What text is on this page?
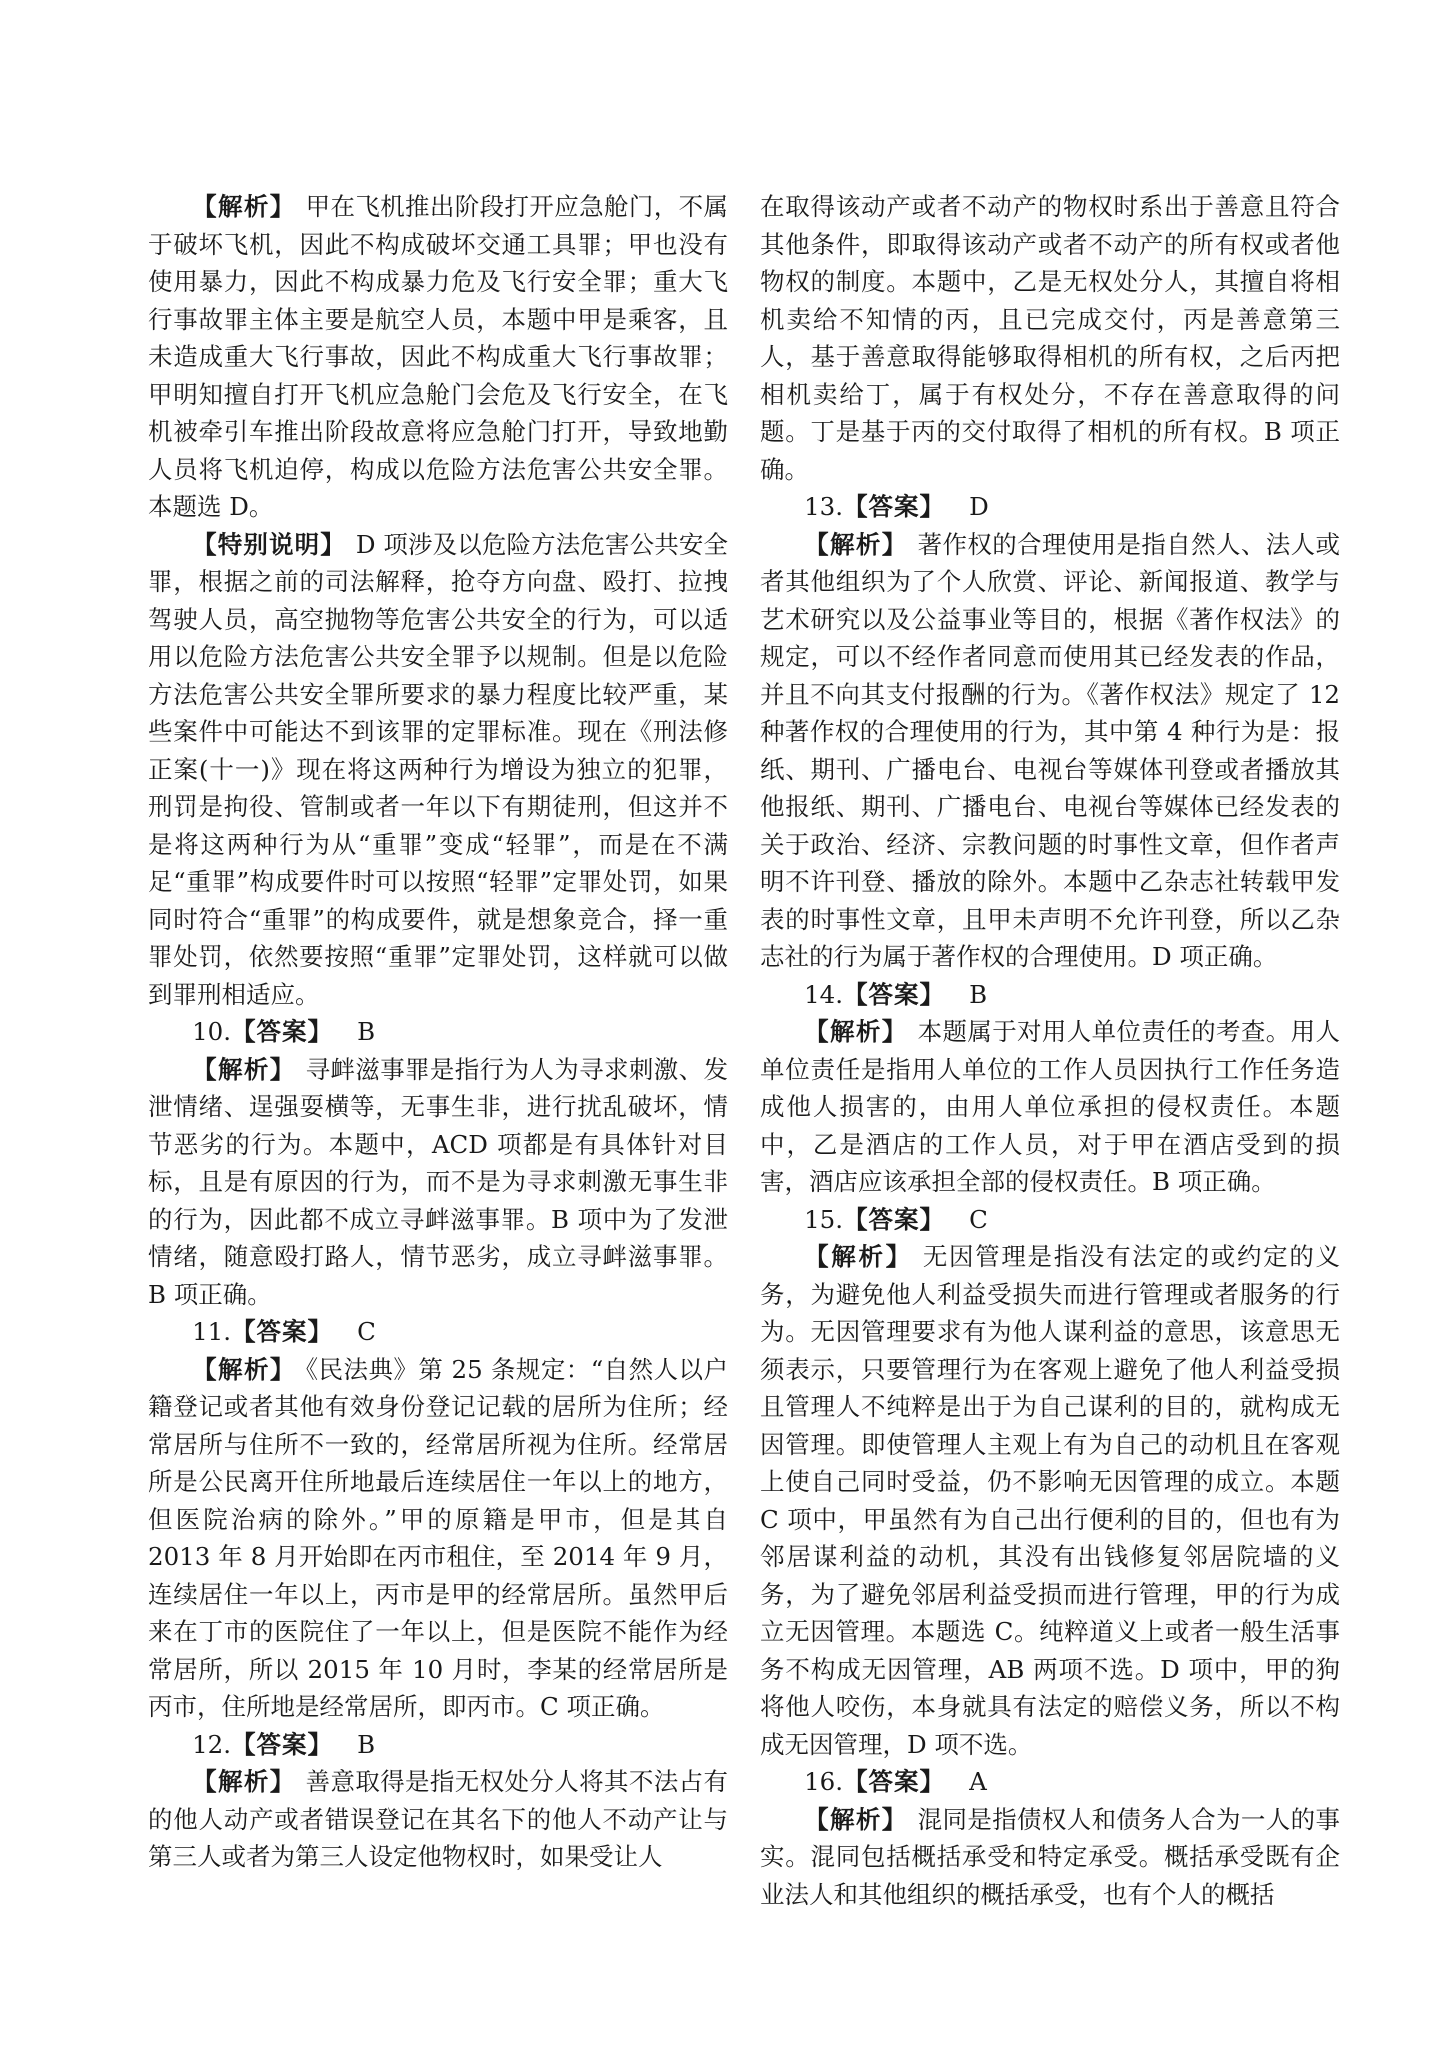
【解析】 甲在飞机推出阶段打开应急舱门，不属于破坏飞机，因此不构成破坏交通工具罪；甲也没有使用暴力，因此不构成暴力危及飞行安全罪；重大飞行事故罪主体主要是航空人员，本题中甲是乘客，且未造成重大飞行事故，因此不构成重大飞行事故罪；甲明知擅自打开飞机应急舱门会危及飞行安全，在飞机被牵引车推出阶段故意将应急舱门打开，导致地勤人员将飞机迫停，构成以危险方法危害公共安全罪。本题选 D。

【特别说明】 D 项涉及以危险方法危害公共安全罪，根据之前的司法解释，抢夺方向盘、殴打、拉拽驾驶人员，高空抛物等危害公共安全的行为，可以适用以危险方法危害公共安全罪予以规制。但是以危险方法危害公共安全罪所要求的暴力程度比较严重，某些案件中可能达不到该罪的定罪标准。现在《刑法修正案(十一)》现在将这两种行为增设为独立的犯罪，刑罚是拘役、管制或者一年以下有期徒刑，但这并不是将这两种行为从“重罪”变成“轻罪”，而是在不满足“重罪”构成要件时可以按照“轻罪”定罪处罚，如果同时符合“重罪”的构成要件，就是想象竞合，择一重罪处罚，依然要按照“重罪”定罪处罚，这样就可以做到罪刑相适应。

10.【答案】 B

【解析】 寻衅滋事罪是指行为人为寻求刺激、发泄情绪、逞强耍横等，无事生非，进行扰乱破坏，情节恶劣的行为。本题中，ACD 项都是有具体针对目标，且是有原因的行为，而不是为寻求刺激无事生非的行为，因此都不成立寻衅滋事罪。B 项中为了发泄情绪，随意殴打路人，情节恶劣，成立寻衅滋事罪。B 项正确。

11.【答案】 C

【解析】 《民法典》第 25 条规定：“自然人以户籍登记或者其他有效身份登记记载的居所为住所；经常居所与住所不一致的，经常居所视为住所。经常居所是公民离开住所地最后连续居住一年以上的地方，但医院治病的除外。”甲的原籍是甲市，但是其自 2013 年 8 月开始即在丙市租住，至 2014 年 9 月，连续居住一年以上，丙市是甲的经常居所。虽然甲后来在丁市的医院住了一年以上，但是医院不能作为经常居所，所以 2015 年 10 月时，李某的经常居所是丙市，住所地是经常居所，即丙市。C 项正确。

12.【答案】 B

【解析】 善意取得是指无权处分人将其不法占有的他人动产或者错误登记在其名下的他人不动产让与第三人或者为第三人设定他物权时，如果受让人

在取得该动产或者不动产的物权时系出于善意且符合其他条件，即取得该动产或者不动产的所有权或者他物权的制度。本题中，乙是无权处分人，其擅自将相机卖给不知情的丙，且已完成交付，丙是善意第三人，基于善意取得能够取得相机的所有权，之后丙把相机卖给丁，属于有权处分，不存在善意取得的问题。丁是基于丙的交付取得了相机的所有权。B 项正确。

13.【答案】 D

【解析】 著作权的合理使用是指自然人、法人或者其他组织为了个人欣赏、评论、新闻报道、教学与艺术研究以及公益事业等目的，根据《著作权法》的规定，可以不经作者同意而使用其已经发表的作品，并且不向其支付报酬的行为。《著作权法》规定了 12 种著作权的合理使用的行为，其中第 4 种行为是：报纸、期刊、广播电台、电视台等媒体刊登或者播放其他报纸、期刊、广播电台、电视台等媒体已经发表的关于政治、经济、宗教问题的时事性文章，但作者声明不许刊登、播放的除外。本题中乙杂志社转载甲发表的时事性文章，且甲未声明不允许刊登，所以乙杂志社的行为属于著作权的合理使用。D 项正确。

14.【答案】 B

【解析】 本题属于对用人单位责任的考查。用人单位责任是指用人单位的工作人员因执行工作任务造成他人损害的，由用人单位承担的侵权责任。本题中，乙是酒店的工作人员，对于甲在酒店受到的损害，酒店应该承担全部的侵权责任。B 项正确。

15.【答案】 C

【解析】 无因管理是指没有法定的或约定的义务，为避免他人利益受损失而进行管理或者服务的行为。无因管理要求有为他人谋利益的意思，该意思无须表示，只要管理行为在客观上避免了他人利益受损且管理人不纯粹是出于为自己谋利的目的，就构成无因管理。即使管理人主观上有为自己的动机且在客观上使自己同时受益，仍不影响无因管理的成立。本题 C 项中，甲虽然有为自己出行便利的目的，但也有为邻居谋利益的动机，其没有出钱修复邻居院墙的义务，为了避免邻居利益受损而进行管理，甲的行为成立无因管理。本题选 C。纯粹道义上或者一般生活事务不构成无因管理，AB 两项不选。D 项中，甲的狗将他人咬伤，本身就具有法定的赔偿义务，所以不构成无因管理，D 项不选。

16.【答案】 A

【解析】 混同是指债权人和债务人合为一人的事实。混同包括概括承受和特定承受。概括承受既有企业法人和其他组织的概括承受，也有个人的概括
